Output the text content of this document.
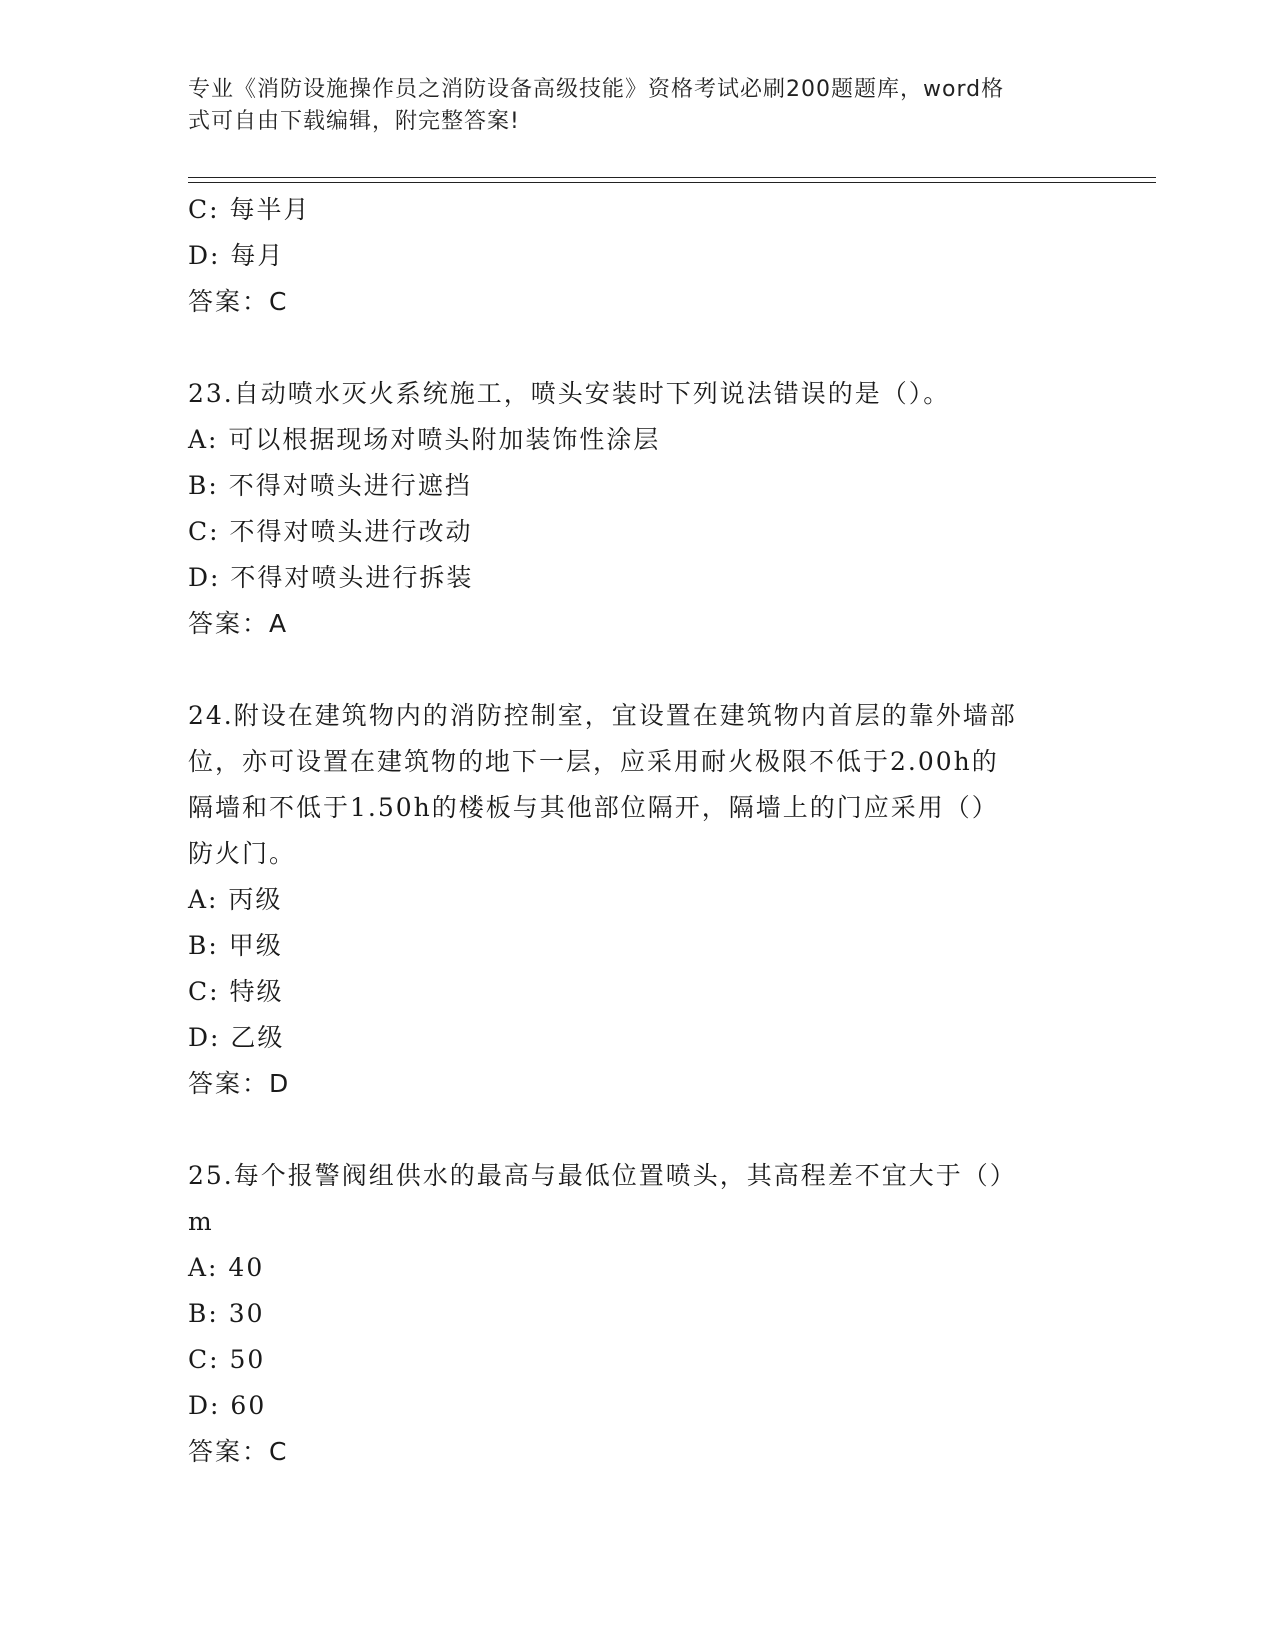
专业《消防设施操作员之消防设备高级技能》资格考试必刷200题题库，word格
式可自由下载编辑，附完整答案!
C: 每半月
D: 每月
答案：C
23.自动喷水灭火系统施工，喷头安装时下列说法错误的是（）。
A: 可以根据现场对喷头附加装饰性涂层
B: 不得对喷头进行遮挡
C: 不得对喷头进行改动
D: 不得对喷头进行拆装
答案：A
24.附设在建筑物内的消防控制室，宜设置在建筑物内首层的靠外墙部
位，亦可设置在建筑物的地下一层，应采用耐火极限不低于2.00h的
隔墙和不低于1.50h的楼板与其他部位隔开，隔墙上的门应采用（）
防火门。
A: 丙级
B: 甲级
C: 特级
D: 乙级
答案：D
25.每个报警阀组供水的最高与最低位置喷头，其高程差不宜大于（）
m
A: 40
B: 30
C: 50
D: 60
答案：C
